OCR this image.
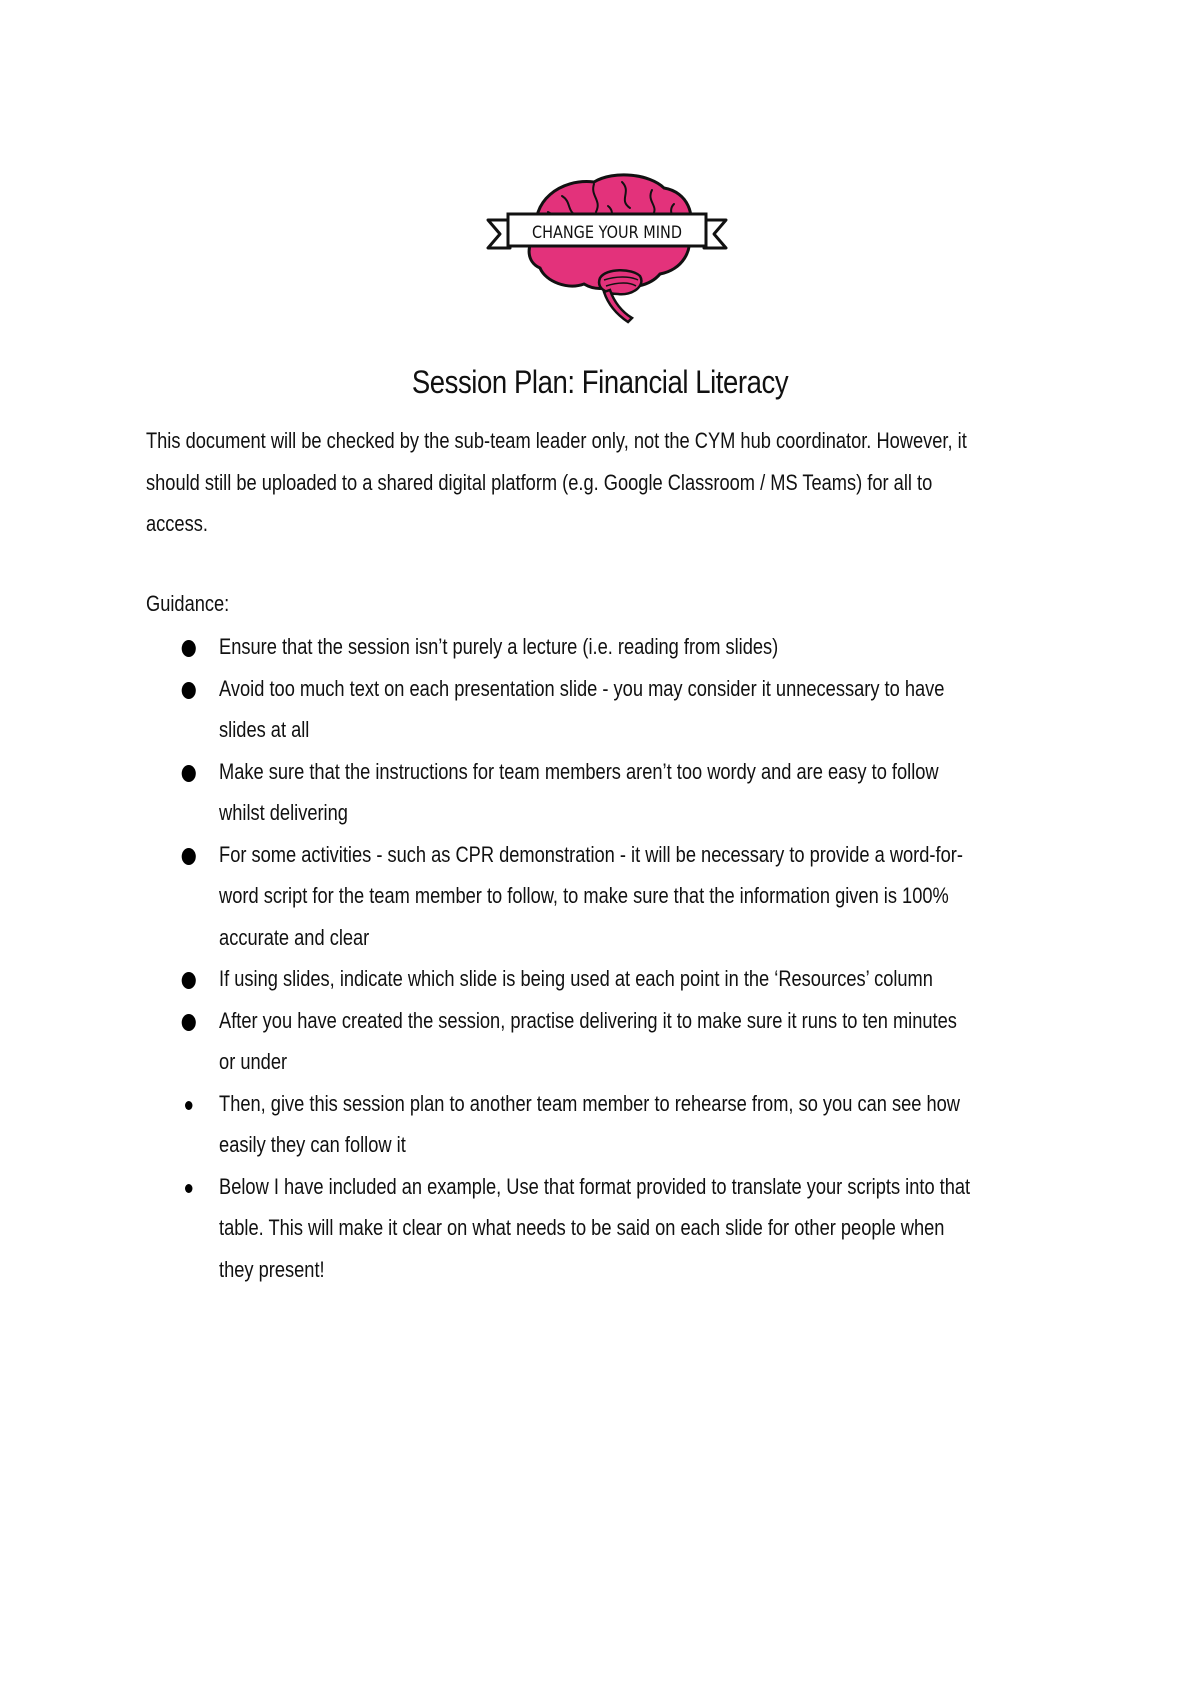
CHANGE YOUR MIND
Session Plan: Financial Literacy
This document will be checked by the sub-team leader only, not the CYM hub coordinator. However, it should still be uploaded to a shared digital platform (e.g. Google Classroom / MS Teams) for all to access.
Guidance:
Ensure that the session isn’t purely a lecture (i.e. reading from slides)
Avoid too much text on each presentation slide - you may consider it unnecessary to have slides at all
Make sure that the instructions for team members aren’t too wordy and are easy to follow whilst delivering
For some activities - such as CPR demonstration - it will be necessary to provide a word-for-word script for the team member to follow, to make sure that the information given is 100% accurate and clear
If using slides, indicate which slide is being used at each point in the ‘Resources’ column
After you have created the session, practise delivering it to make sure it runs to ten minutes or under
Then, give this session plan to another team member to rehearse from, so you can see how easily they can follow it
Below I have included an example, Use that format provided to translate your scripts into that table. This will make it clear on what needs to be said on each slide for other people when they present!
